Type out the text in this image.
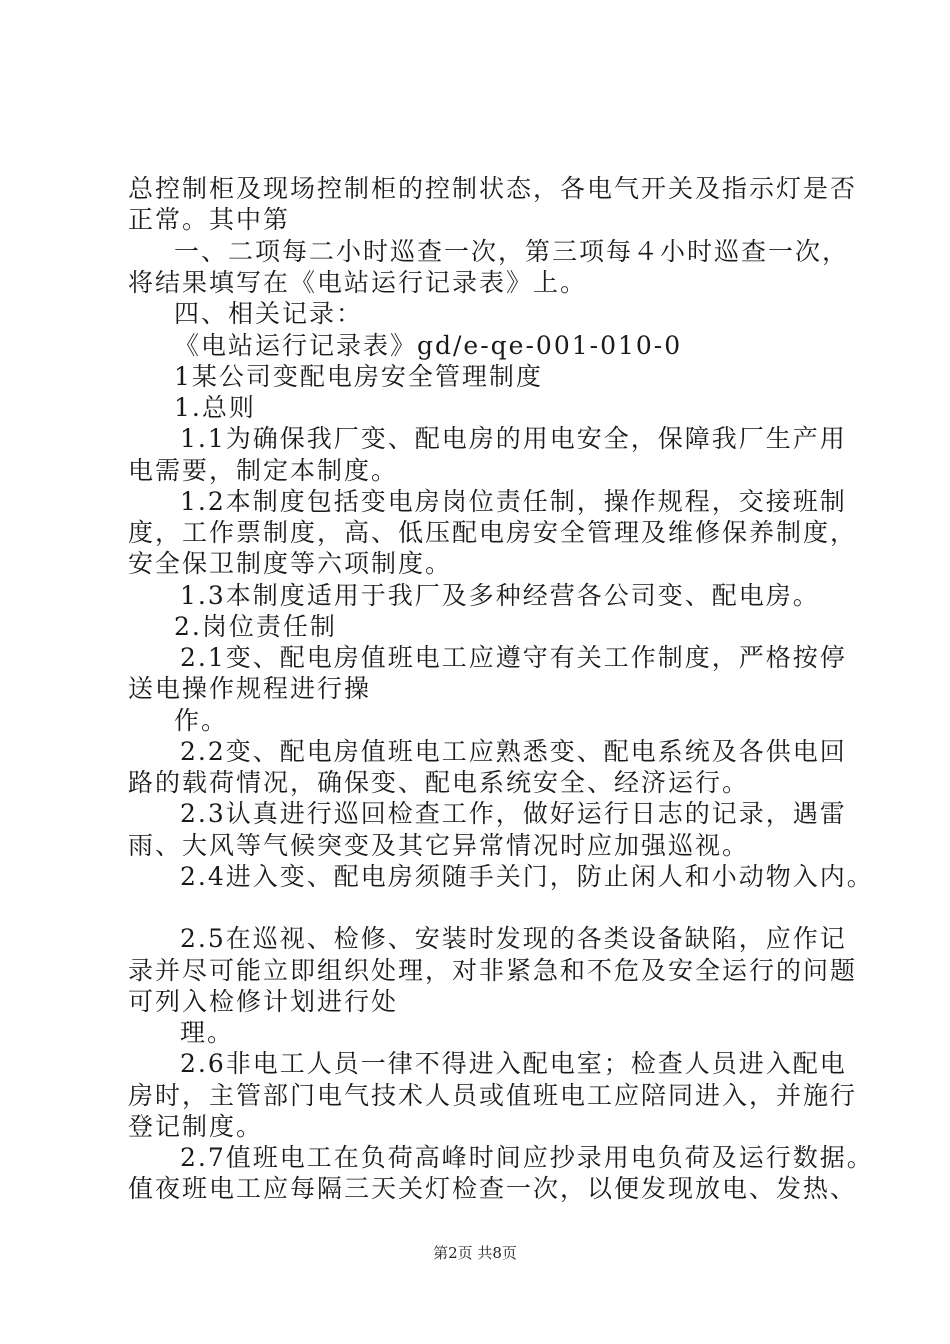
总控制柜及现场控制柜的控制状态，各电气开关及指示灯是否
正常。其中第
一、二项每二小时巡查一次，第三项每４小时巡查一次，
将结果填写在《电站运行记录表》上。
四、相关记录：
《电站运行记录表》gd/e-qe-001-010-0
1某公司变配电房安全管理制度
1.总则
1.1为确保我厂变、配电房的用电安全，保障我厂生产用
电需要，制定本制度。
1.2本制度包括变电房岗位责任制，操作规程，交接班制
度，工作票制度，高、低压配电房安全管理及维修保养制度，
安全保卫制度等六项制度。
1.3本制度适用于我厂及多种经营各公司变、配电房。
2.岗位责任制
2.1变、配电房值班电工应遵守有关工作制度，严格按停
送电操作规程进行操
作。
2.2变、配电房值班电工应熟悉变、配电系统及各供电回
路的载荷情况，确保变、配电系统安全、经济运行。
2.3认真进行巡回检查工作，做好运行日志的记录，遇雷
雨、大风等气候突变及其它异常情况时应加强巡视。
2.4进入变、配电房须随手关门，防止闲人和小动物入内。
2.5在巡视、检修、安装时发现的各类设备缺陷，应作记
录并尽可能立即组织处理，对非紧急和不危及安全运行的问题
可列入检修计划进行处
理。
2.6非电工人员一律不得进入配电室；检查人员进入配电
房时，主管部门电气技术人员或值班电工应陪同进入，并施行
登记制度。
2.7值班电工在负荷高峰时间应抄录用电负荷及运行数据。
值夜班电工应每隔三天关灯检查一次，以便发现放电、发热、
第2页 共8页
